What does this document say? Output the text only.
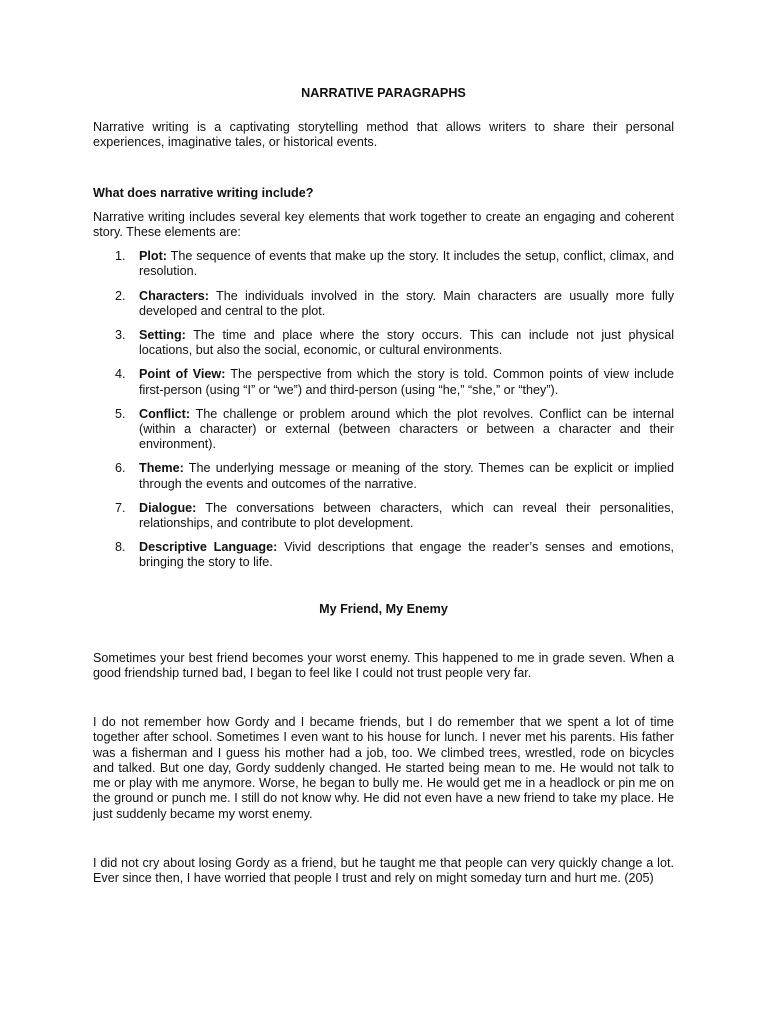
NARRATIVE PARAGRAPHS

Narrative writing is a captivating storytelling method that allows writers to share their personal experiences, imaginative tales, or historical events.

What does narrative writing include?

Narrative writing includes several key elements that work together to create an engaging and coherent story. These elements are:

1. Plot: The sequence of events that make up the story. It includes the setup, conflict, climax, and resolution.
2. Characters: The individuals involved in the story. Main characters are usually more fully developed and central to the plot.
3. Setting: The time and place where the story occurs. This can include not just physical locations, but also the social, economic, or cultural environments.
4. Point of View: The perspective from which the story is told. Common points of view include first-person (using “I” or “we”) and third-person (using “he,” “she,” or “they”).
5. Conflict: The challenge or problem around which the plot revolves. Conflict can be internal (within a character) or external (between characters or between a character and their environment).
6. Theme: The underlying message or meaning of the story. Themes can be explicit or implied through the events and outcomes of the narrative.
7. Dialogue: The conversations between characters, which can reveal their personalities, relationships, and contribute to plot development.
8. Descriptive Language: Vivid descriptions that engage the reader’s senses and emotions, bringing the story to life.

My Friend, My Enemy

Sometimes your best friend becomes your worst enemy. This happened to me in grade seven. When a good friendship turned bad, I began to feel like I could not trust people very far.

I do not remember how Gordy and I became friends, but I do remember that we spent a lot of time together after school. Sometimes I even want to his house for lunch. I never met his parents. His father was a fisherman and I guess his mother had a job, too. We climbed trees, wrestled, rode on bicycles and talked. But one day, Gordy suddenly changed. He started being mean to me. He would not talk to me or play with me anymore. Worse, he began to bully me. He would get me in a headlock or pin me on the ground or punch me. I still do not know why. He did not even have a new friend to take my place. He just suddenly became my worst enemy.

I did not cry about losing Gordy as a friend, but he taught me that people can very quickly change a lot. Ever since then, I have worried that people I trust and rely on might someday turn and hurt me. (205)
